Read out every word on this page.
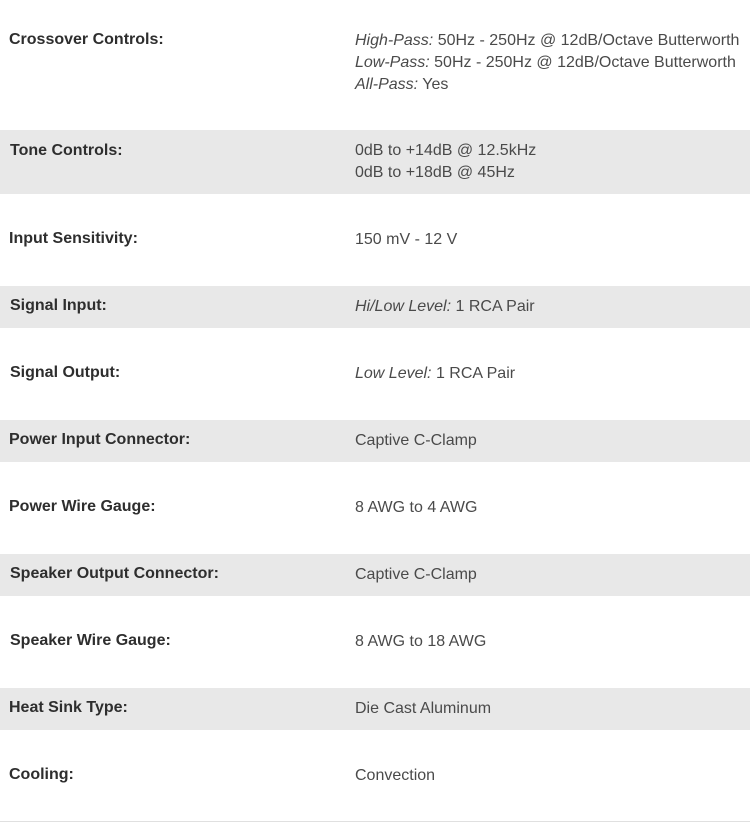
Crossover Controls:	High-Pass: 50Hz - 250Hz @ 12dB/Octave Butterworth
Low-Pass: 50Hz - 250Hz @ 12dB/Octave Butterworth
All-Pass: Yes
Tone Controls:	0dB to +14dB @ 12.5kHz
0dB to +18dB @ 45Hz
Input Sensitivity:	150 mV - 12 V
Signal Input:	Hi/Low Level: 1 RCA Pair
Signal Output:	Low Level: 1 RCA Pair
Power Input Connector:	Captive C-Clamp
Power Wire Gauge:	8 AWG to 4 AWG
Speaker Output Connector:	Captive C-Clamp
Speaker Wire Gauge:	8 AWG to 18 AWG
Heat Sink Type:	Die Cast Aluminum
Cooling:	Convection
